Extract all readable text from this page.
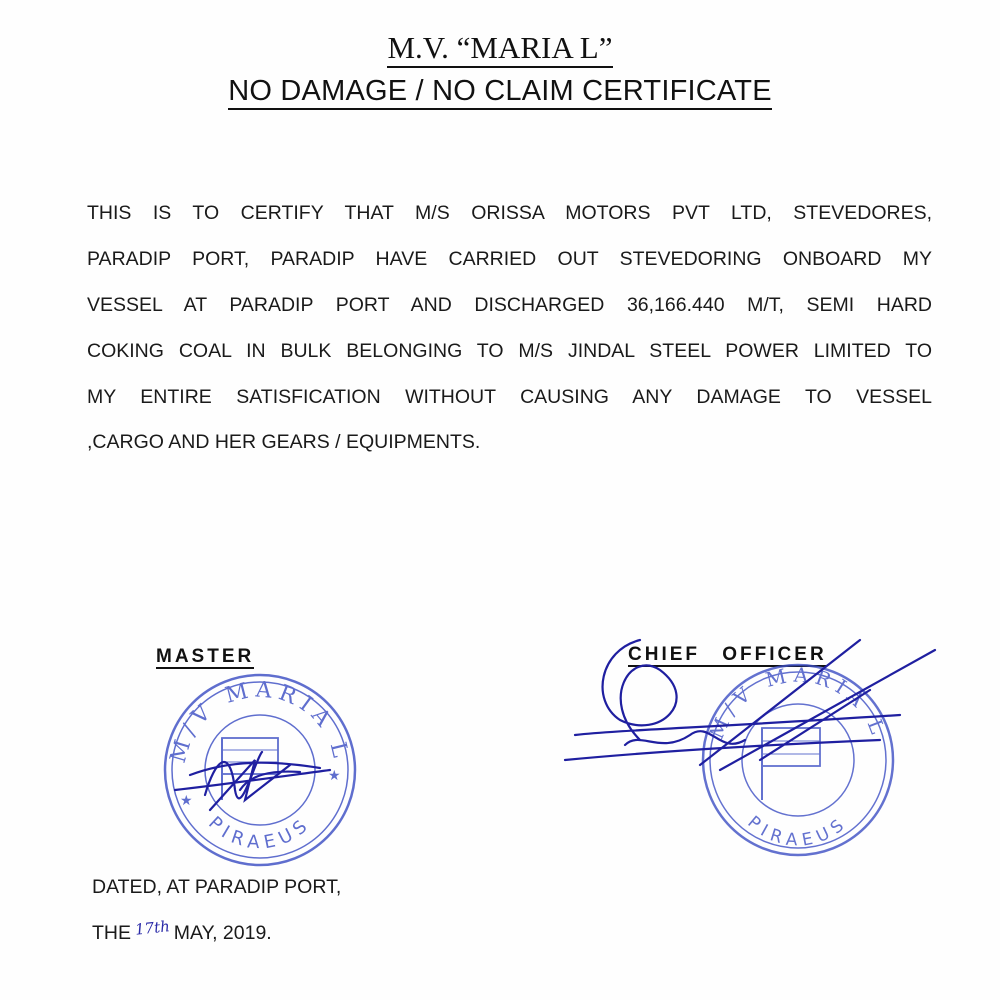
M.V. “MARIA L”
NO DAMAGE / NO CLAIM CERTIFICATE
THIS IS TO CERTIFY THAT M/S ORISSA MOTORS PVT LTD, STEVEDORES,
PARADIP PORT, PARADIP HAVE CARRIED OUT STEVEDORING ONBOARD MY
VESSEL AT PARADIP PORT AND DISCHARGED 36,166.440 M/T, SEMI HARD
COKING COAL IN BULK BELONGING TO M/S JINDAL STEEL POWER LIMITED TO
MY ENTIRE SATISFICATION WITHOUT CAUSING ANY DAMAGE TO VESSEL
,CARGO AND HER GEARS / EQUIPMENTS.
MASTER	CHIEF OFFICER
M/V MARIA L
PIRAEUS
★
★
M/V MARIA L
PIRAEUS
DATED, AT PARADIP PORT,
THE 17th MAY, 2019.
